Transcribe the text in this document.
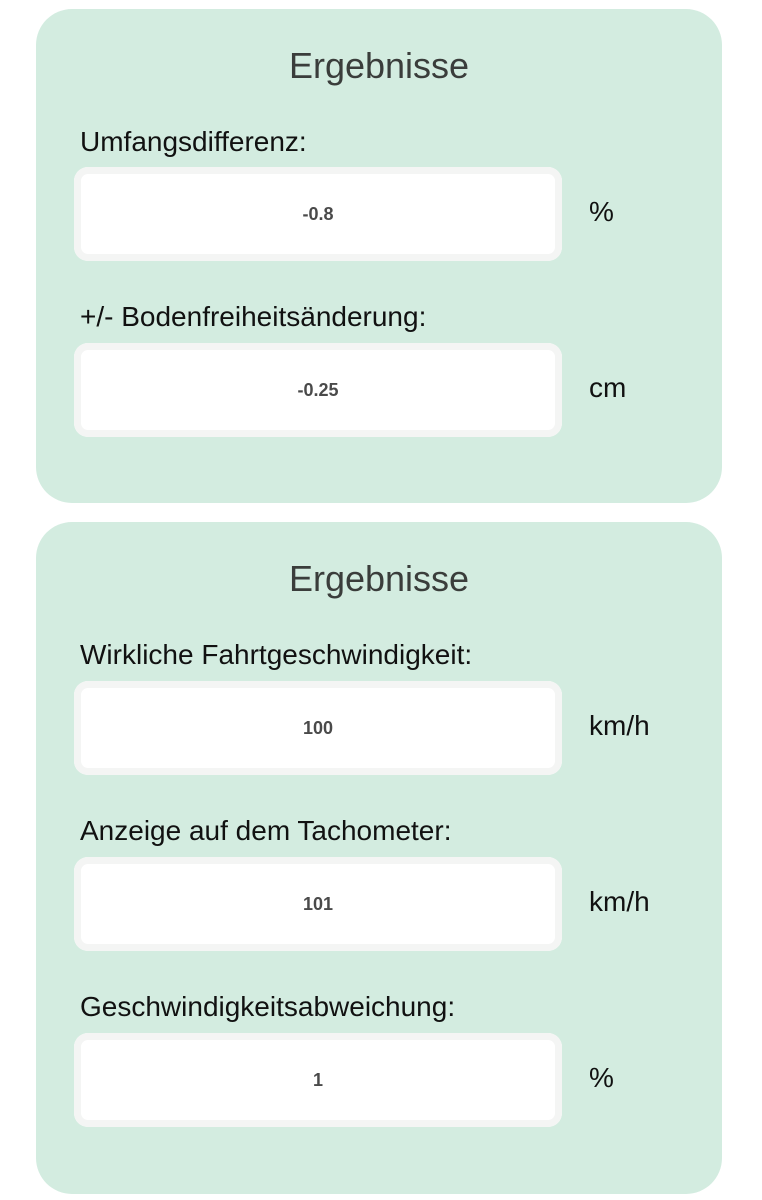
Ergebnisse
Umfangsdifferenz:
-0.8	%
+/- Bodenfreiheitsänderung:
-0.25	cm
Ergebnisse
Wirkliche Fahrtgeschwindigkeit:
100	km/h
Anzeige auf dem Tachometer:
101	km/h
Geschwindigkeitsabweichung:
1	%
